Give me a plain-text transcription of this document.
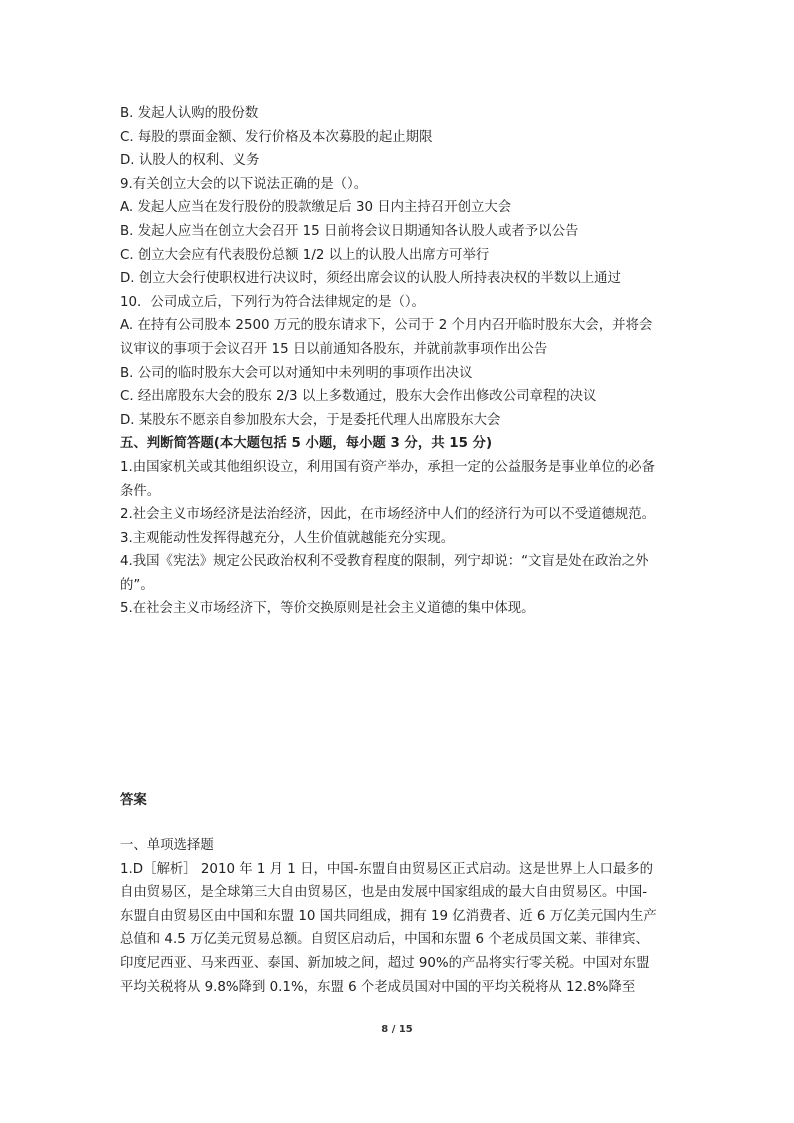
B. 发起人认购的股份数
C. 每股的票面金额、发行价格及本次募股的起止期限
D. 认股人的权利、义务
9.有关创立大会的以下说法正确的是（）。
A. 发起人应当在发行股份的股款缴足后 30 日内主持召开创立大会
B. 发起人应当在创立大会召开 15 日前将会议日期通知各认股人或者予以公告
C. 创立大会应有代表股份总额 1/2 以上的认股人出席方可举行
D. 创立大会行使职权进行决议时，须经出席会议的认股人所持表决权的半数以上通过
10．公司成立后，下列行为符合法律规定的是（）。
A. 在持有公司股本 2500 万元的股东请求下，公司于 2 个月内召开临时股东大会，并将会
议审议的事项于会议召开 15 日以前通知各股东，并就前款事项作出公告
B. 公司的临时股东大会可以对通知中未列明的事项作出决议
C. 经出席股东大会的股东 2/3 以上多数通过，股东大会作出修改公司章程的决议
D. 某股东不愿亲自参加股东大会，于是委托代理人出席股东大会
五、判断简答题(本大题包括 5 小题，每小题 3 分，共 15 分)
1.由国家机关或其他组织设立，利用国有资产举办，承担一定的公益服务是事业单位的必备
条件。
2.社会主义市场经济是法治经济，因此，在市场经济中人们的经济行为可以不受道德规范。
3.主观能动性发挥得越充分，人生价值就越能充分实现。
4.我国《宪法》规定公民政治权利不受教育程度的限制，列宁却说：“文盲是处在政治之外
的”。
5.在社会主义市场经济下，等价交换原则是社会主义道德的集中体现。
答案
一、单项选择题
1.D［解析］ 2010 年 1 月 1 日，中国-东盟自由贸易区正式启动。这是世界上人口最多的
自由贸易区，是全球第三大自由贸易区，也是由发展中国家组成的最大自由贸易区。中国-
东盟自由贸易区由中国和东盟 10 国共同组成，拥有 19 亿消费者、近 6 万亿美元国内生产
总值和 4.5 万亿美元贸易总额。自贸区启动后，中国和东盟 6 个老成员国文莱、菲律宾、
印度尼西亚、马来西亚、泰国、新加坡之间，超过 90%的产品将实行零关税。中国对东盟
平均关税将从 9.8%降到 0.1%，东盟 6 个老成员国对中国的平均关税将从 12.8%降至
8 / 15
